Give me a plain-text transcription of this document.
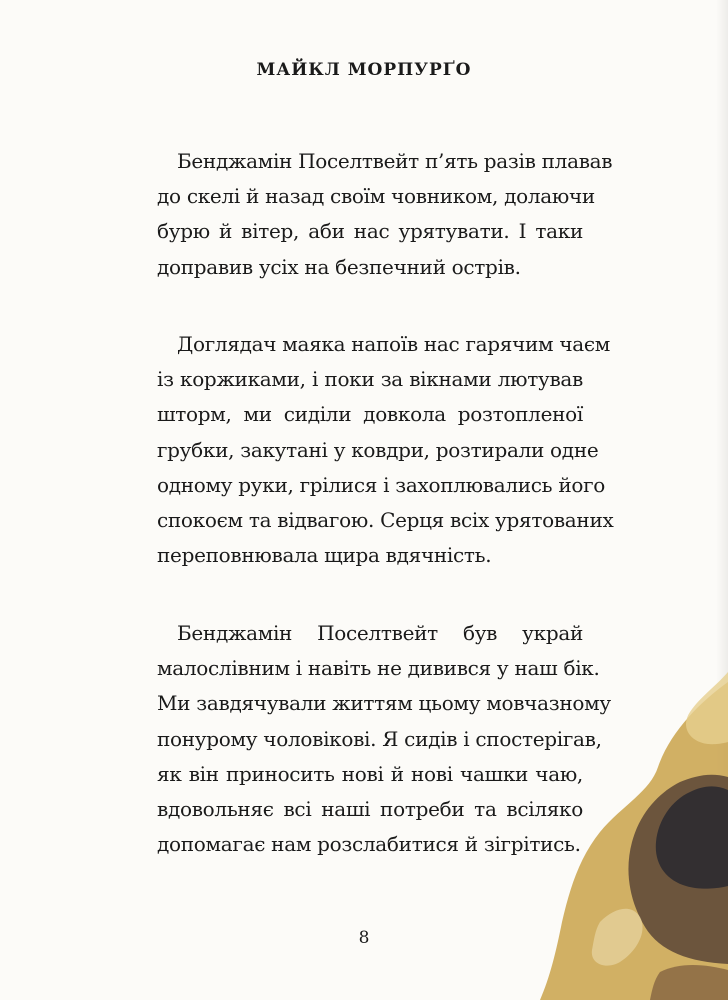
МАЙКЛ МОРПУРҐО
Бенджамін Поселтвейт п’ять разів плавав
до скелі й назад своїм човником, долаючи
бурю й вітер, аби нас урятувати. І таки
доправив усіх на безпечний острів.
Доглядач маяка напоїв нас гарячим чаєм
із коржиками, і поки за вікнами лютував
шторм, ми сиділи довкола розтопленої
грубки, закутані у ковдри, розтирали одне
одному руки, грілися і захоплювались його
спокоєм та відвагою. Серця всіх урятованих
переповнювала щира вдячність.
Бенджамін Поселтвейт був украй
малослівним і навіть не дивився у наш бік.
Ми завдячували життям цьому мовчазному
понурому чоловікові. Я сидів і спостерігав,
як він приносить нові й нові чашки чаю,
вдовольняє всі наші потреби та всіляко
допомагає нам розслабитися й зігрітись.
8
